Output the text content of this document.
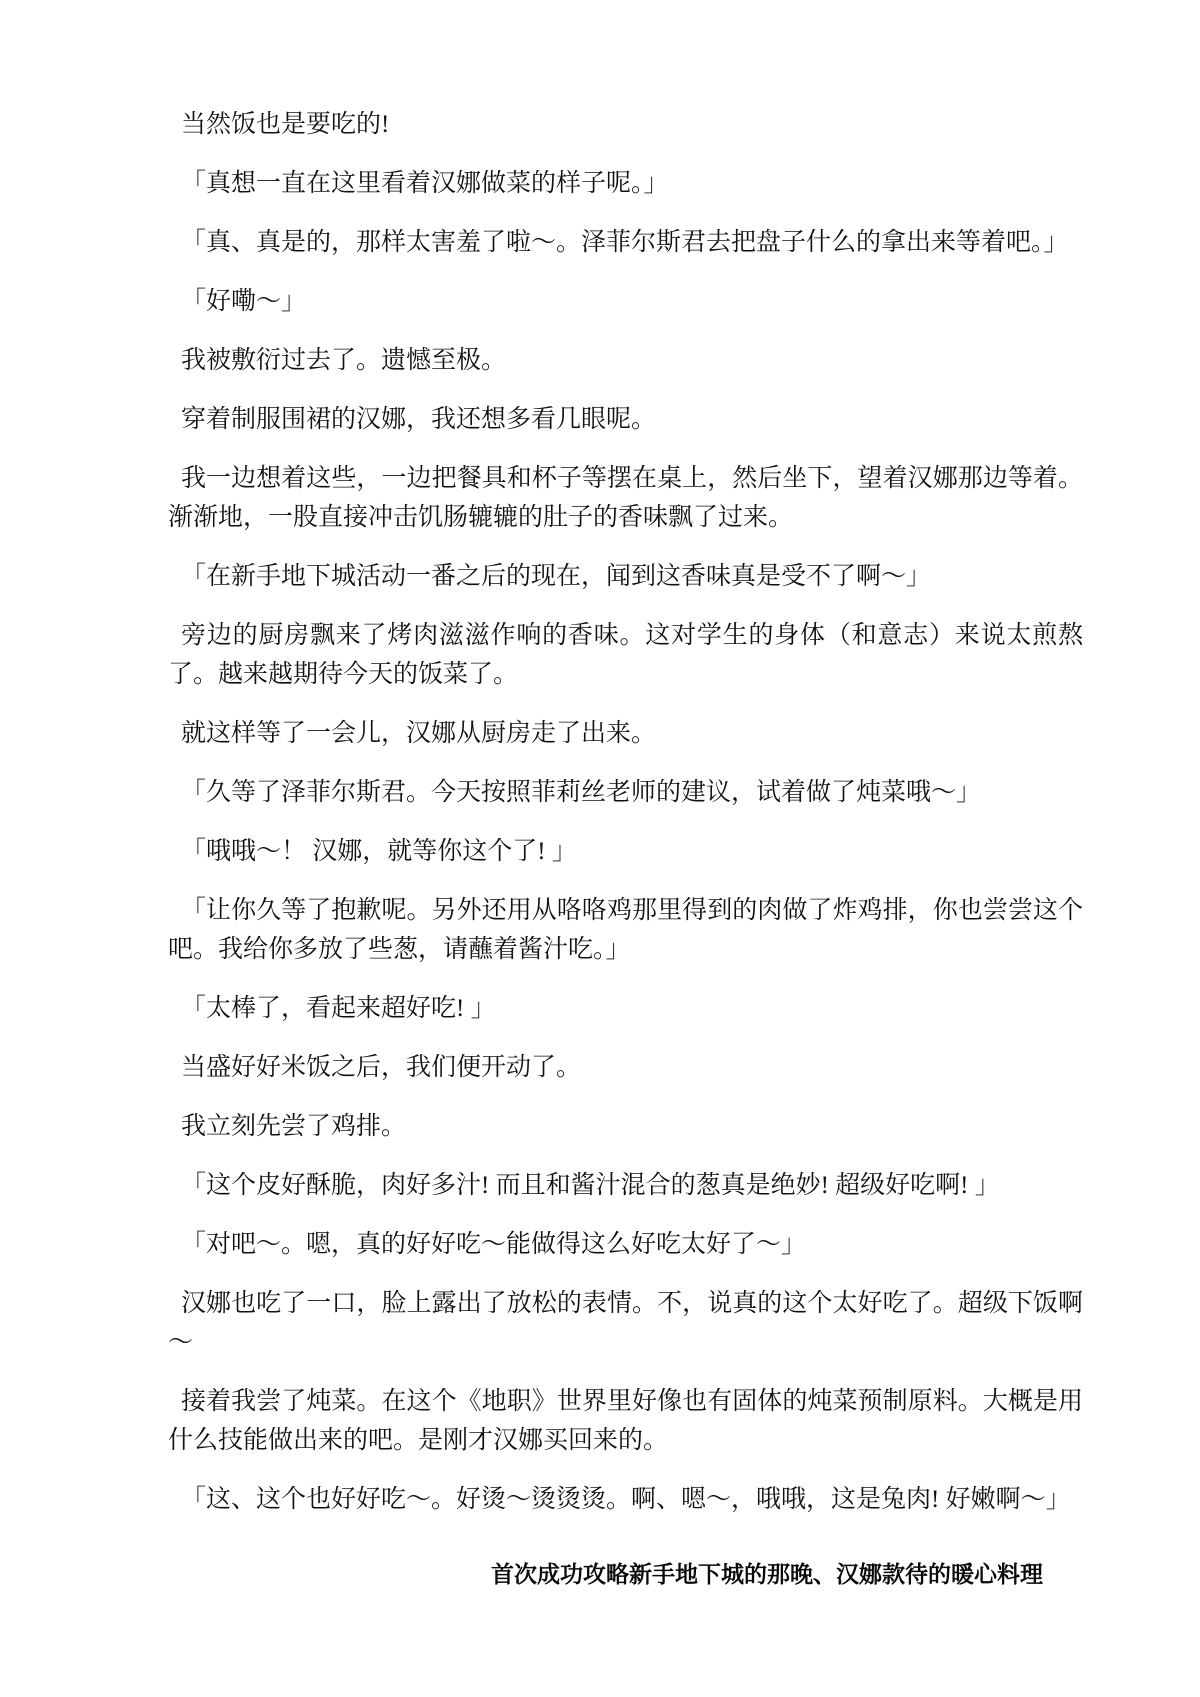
当然饭也是要吃的!

「真想一直在这里看着汉娜做菜的样子呢。」

「真、真是的，那样太害羞了啦～。泽菲尔斯君去把盘子什么的拿出来等着吧。」

「好嘞～」

我被敷衍过去了。遗憾至极。

穿着制服围裙的汉娜，我还想多看几眼呢。

我一边想着这些，一边把餐具和杯子等摆在桌上，然后坐下，望着汉娜那边等着。渐渐地，一股直接冲击饥肠辘辘的肚子的香味飘了过来。

「在新手地下城活动一番之后的现在，闻到这香味真是受不了啊～」

旁边的厨房飘来了烤肉滋滋作响的香味。这对学生的身体（和意志）来说太煎熬了。越来越期待今天的饭菜了。

就这样等了一会儿，汉娜从厨房走了出来。

「久等了泽菲尔斯君。今天按照菲莉丝老师的建议，试着做了炖菜哦～」

「哦哦～！ 汉娜，就等你这个了! 」

「让你久等了抱歉呢。另外还用从咯咯鸡那里得到的肉做了炸鸡排，你也尝尝这个吧。我给你多放了些葱，请蘸着酱汁吃。」

「太棒了，看起来超好吃! 」

当盛好好米饭之后，我们便开动了。

我立刻先尝了鸡排。

「这个皮好酥脆，肉好多汁! 而且和酱汁混合的葱真是绝妙! 超级好吃啊! 」

「对吧～。嗯，真的好好吃～能做得这么好吃太好了～」

汉娜也吃了一口，脸上露出了放松的表情。不，说真的这个太好吃了。超级下饭啊～

接着我尝了炖菜。在这个《地职》世界里好像也有固体的炖菜预制原料。大概是用什么技能做出来的吧。是刚才汉娜买回来的。

「这、这个也好好吃～。好烫～烫烫烫。啊、嗯～，哦哦，这是兔肉! 好嫩啊～」

首次成功攻略新手地下城的那晚、汉娜款待的暖心料理
